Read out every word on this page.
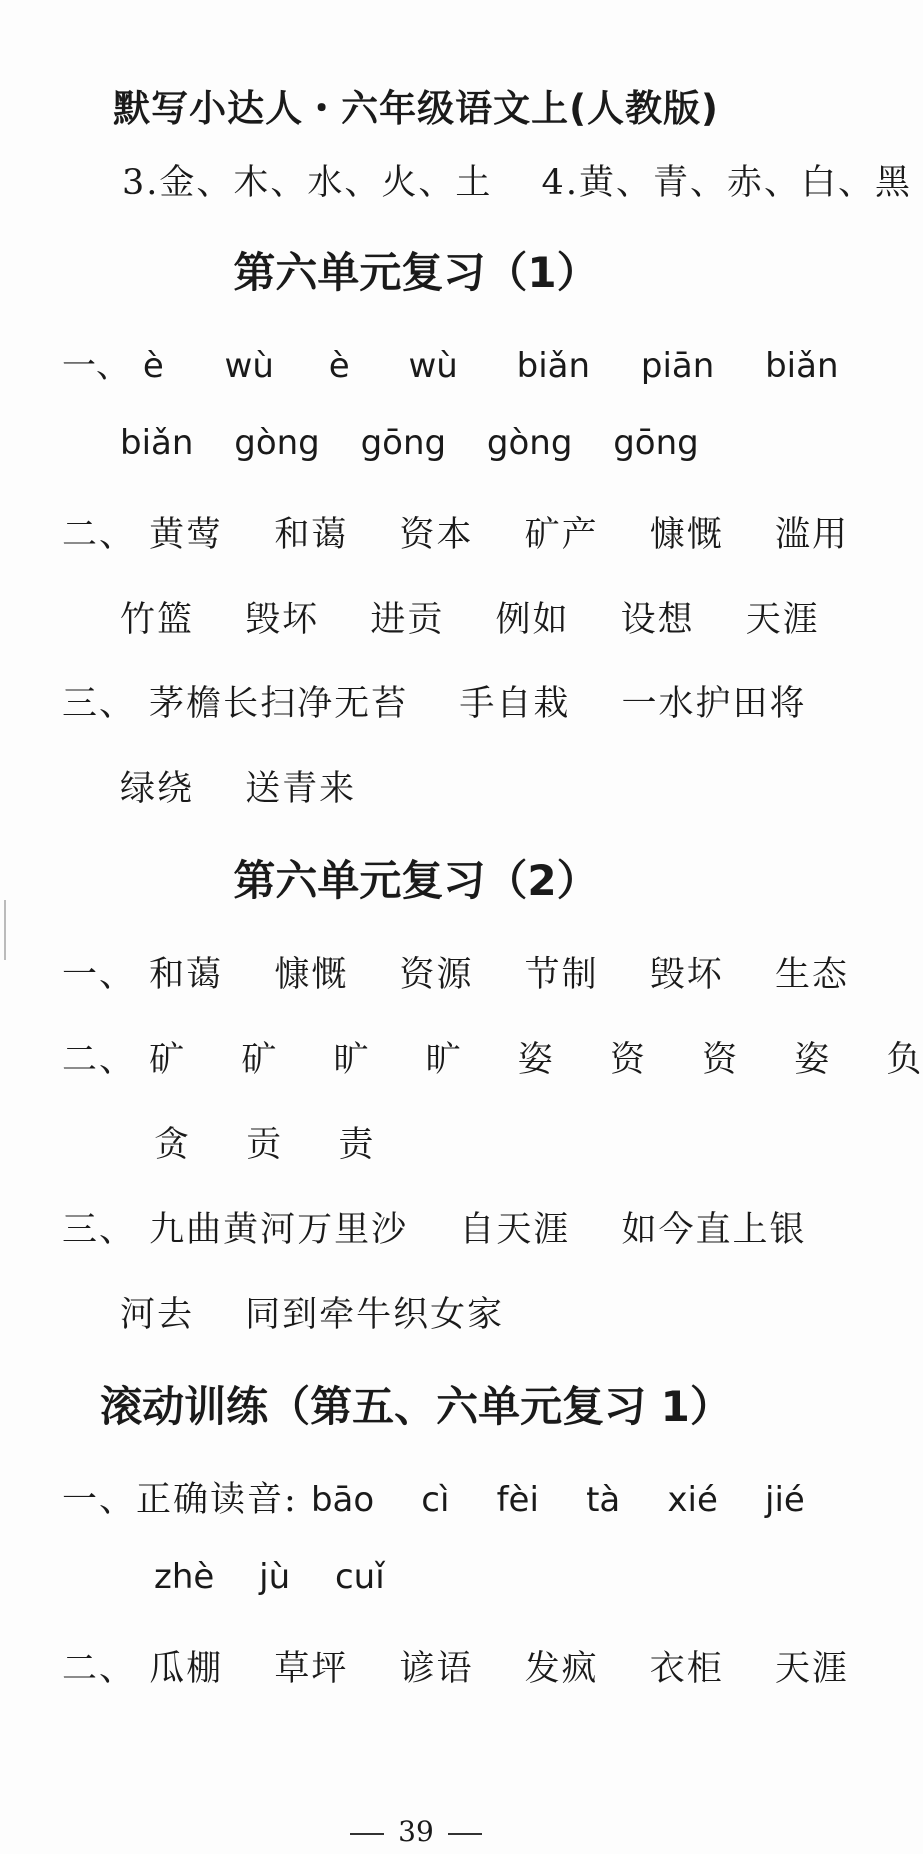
默写小达人・六年级语文上(人教版)
3.金、木、水、火、土 4.黄、青、赤、白、黑
第六单元复习（1）
一、 è wù è wù biǎn piān biǎn
biǎn gòng gōng gòng gōng
二、 黄莺 和蔼 资本 矿产 慷慨 滥用
竹篮 毁坏 进贡 例如 设想 天涯
三、 茅檐长扫净无苔 手自栽 一水护田将
绿绕 送青来
第六单元复习（2）
一、 和蔼 慷慨 资源 节制 毁坏 生态
二、 矿 矿 旷 旷 姿 资 资 姿 负
贪 贡 责
三、 九曲黄河万里沙 自天涯 如今直上银
河去 同到牵牛织女家
滚动训练（第五、六单元复习 1）
一、正确读音: bāo cì fèi tà xié jié
zhè jù cuǐ
二、 瓜棚 草坪 谚语 发疯 衣柜 天涯
39
